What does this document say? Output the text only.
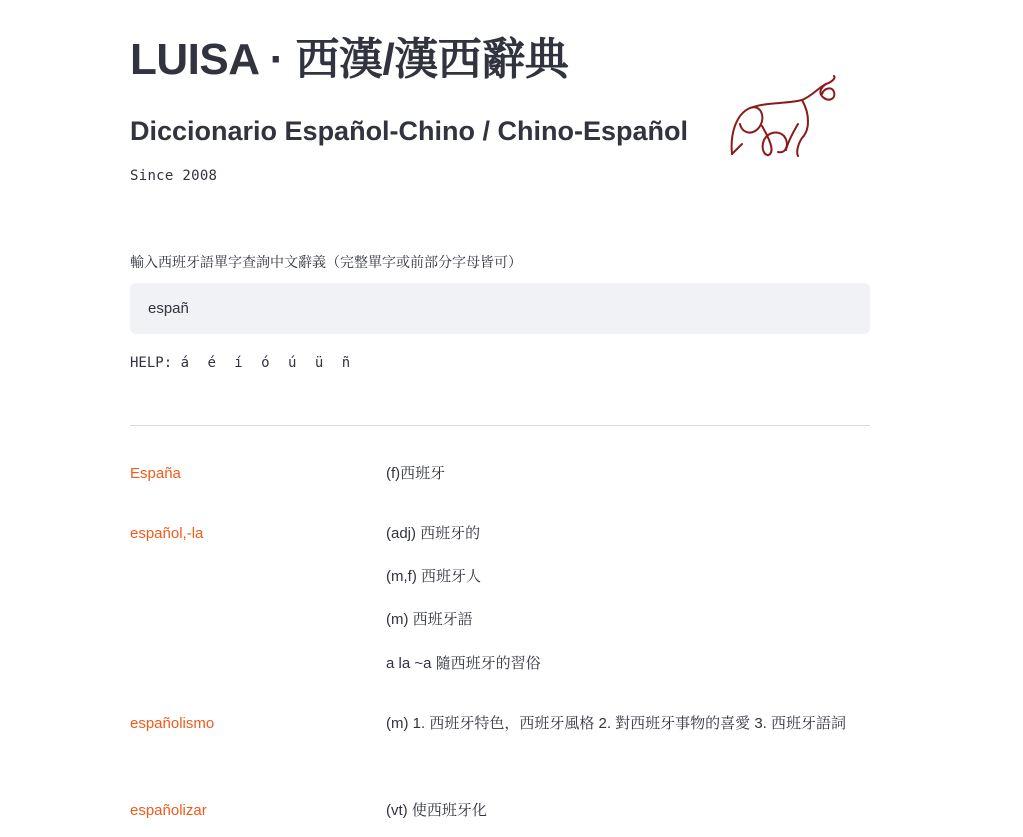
LUISA · 西漢/漢西辭典
Diccionario Español-Chino / Chino-Español
Since 2008
輸入西班牙語單字查詢中文辭義（完整單字或前部分字母皆可）
españ
HELP: á é í ó ú ü ñ
España	(f)西班牙
español,-la	(adj) 西班牙的
(m,f) 西班牙人
(m) 西班牙語
a la ~a 隨西班牙的習俗
españolismo	(m) 1. 西班牙特色，西班牙風格 2. 對西班牙事物的喜愛 3. 西班牙語詞
españolizar	(vt) 使西班牙化
